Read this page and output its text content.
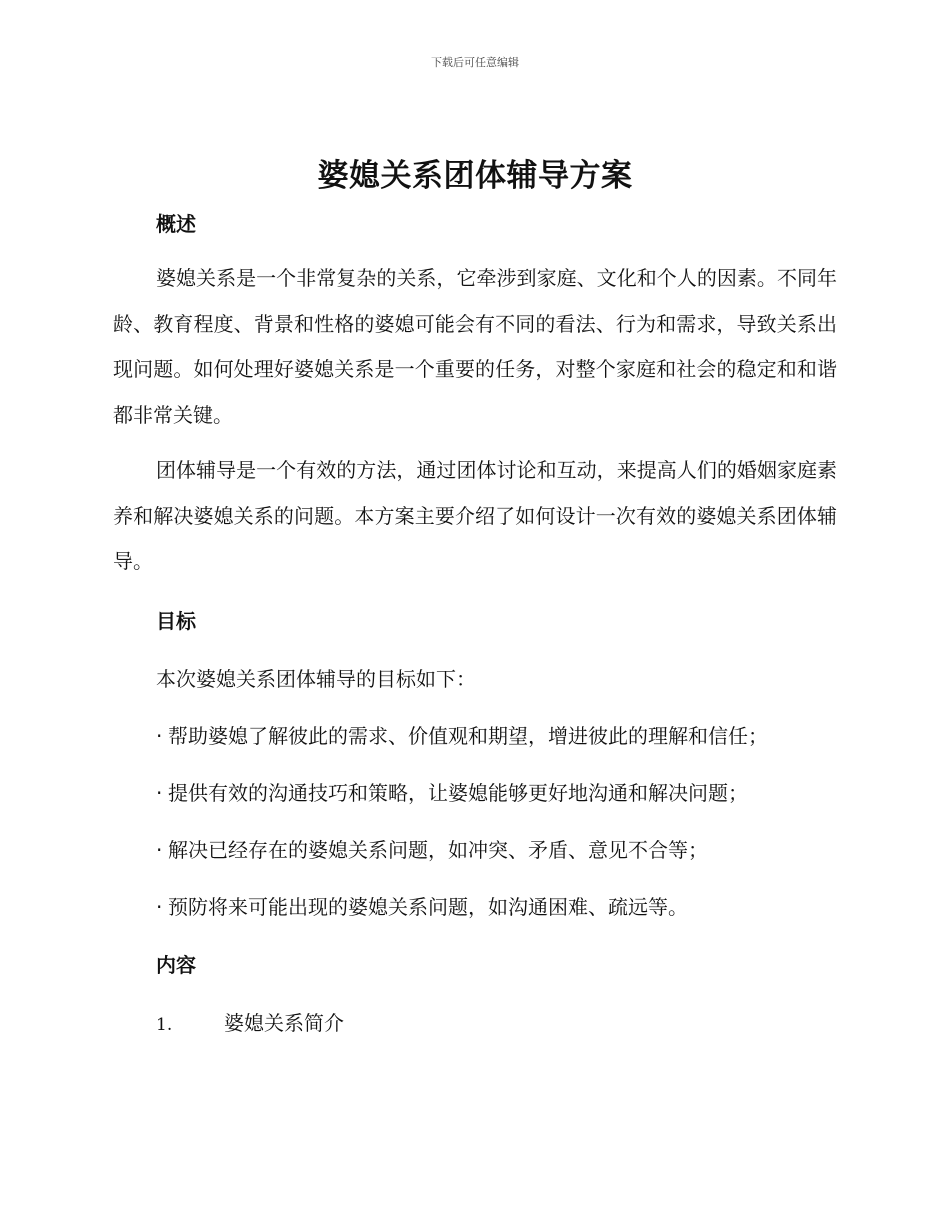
下载后可任意编辑
婆媳关系团体辅导方案
概述

婆媳关系是一个非常复杂的关系，它牵涉到家庭、文化和个人的因素。不同年龄、教育程度、背景和性格的婆媳可能会有不同的看法、行为和需求，导致关系出现问题。如何处理好婆媳关系是一个重要的任务，对整个家庭和社会的稳定和和谐都非常关键。

团体辅导是一个有效的方法，通过团体讨论和互动，来提高人们的婚姻家庭素养和解决婆媳关系的问题。本方案主要介绍了如何设计一次有效的婆媳关系团体辅导。

目标

本次婆媳关系团体辅导的目标如下：

· 帮助婆媳了解彼此的需求、价值观和期望，增进彼此的理解和信任；

· 提供有效的沟通技巧和策略，让婆媳能够更好地沟通和解决问题；

· 解决已经存在的婆媳关系问题，如冲突、矛盾、意见不合等；

· 预防将来可能出现的婆媳关系问题，如沟通困难、疏远等。

内容

1.	婆媳关系简介
